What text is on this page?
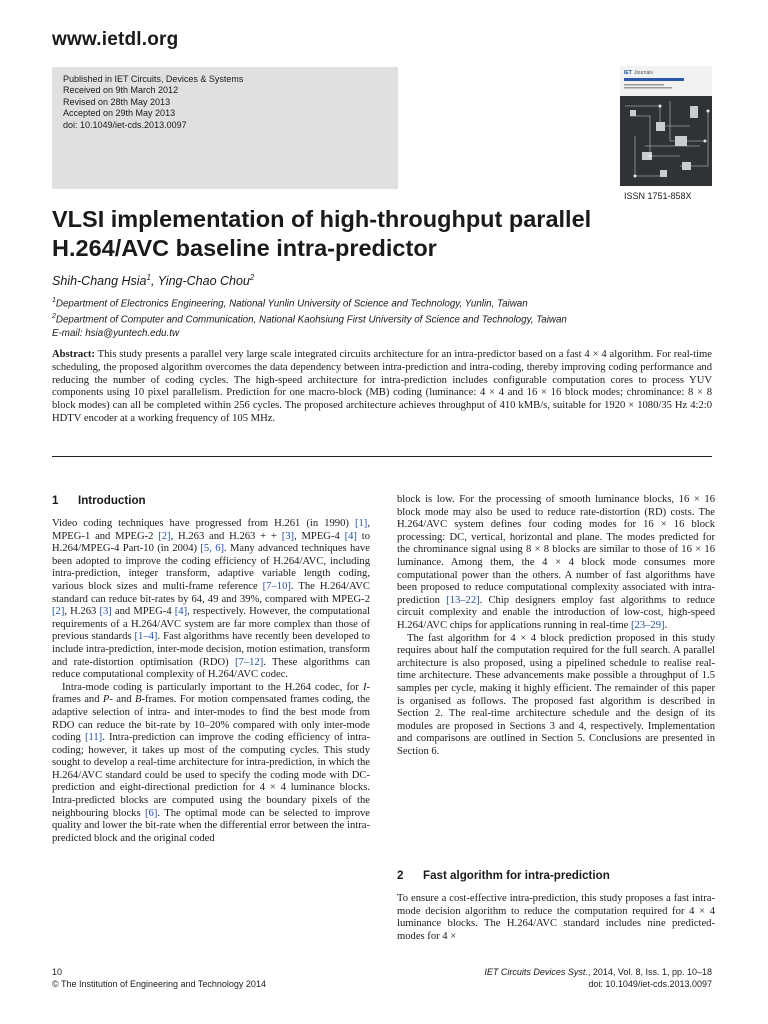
www.ietdl.org
Published in IET Circuits, Devices & Systems
Received on 9th March 2012
Revised on 28th May 2013
Accepted on 29th May 2013
doi: 10.1049/iet-cds.2013.0097
IET Journals
ISSN 1751-858X
VLSI implementation of high-throughput parallel
H.264/AVC baseline intra-predictor
Shih-Chang Hsia$^1$, Ying-Chao Chou$^2$
$^1$Department of Electronics Engineering, National Yunlin University of Science and Technology, Yunlin, Taiwan
$^2$Department of Computer and Communication, National Kaohsiung First University of Science and Technology, Taiwan
E-mail: hsia@yuntech.edu.tw

Abstract: This study presents a parallel very large scale integrated circuits architecture for an intra-predictor based on a fast 4 × 4 algorithm. For real-time scheduling, the proposed algorithm overcomes the data dependency between intra-prediction and intra-coding, thereby improving coding performance and reducing the number of coding cycles. The high-speed architecture for intra-prediction includes configurable computation cores to process YUV components using 10 pixel parallelism. Prediction for one macro-block (MB) coding (luminance: 4 × 4 and 16 × 16 block modes; chrominance: 8 × 8 block modes) can all be completed within 256 cycles. The proposed architecture achieves throughput of 410 kMB/s, suitable for 1920 × 1080/35 Hz 4:2:0 HDTV encoder at a working frequency of 105 MHz.

1 Introduction

Video coding techniques have progressed from H.261 (in 1990) [1], MPEG-1 and MPEG-2 [2], H.263 and H.263 + + [3], MPEG-4 [4] to H.264/MPEG-4 Part-10 (in 2004) [5, 6]. Many advanced techniques have been adopted to improve the coding efficiency of H.264/AVC, including intra-prediction, integer transform, adaptive variable length coding, various block sizes and multi-frame reference [7–10]. The H.264/AVC standard can reduce bit-rates by 64, 49 and 39%, compared with MPEG-2 [2], H.263 [3] and MPEG-4 [4], respectively. However, the computational requirements of a H.264/AVC system are far more complex than those of previous standards [1–4]. Fast algorithms have recently been developed to include intra-prediction, inter-mode decision, motion estimation, transform and rate-distortion optimisation (RDO) [7–12]. These algorithms can reduce computational complexity of H.264/AVC codec.

Intra-mode coding is particularly important to the H.264 codec, for I-frames and P- and B-frames. For motion compensated frames coding, the adaptive selection of intra- and inter-modes to find the best mode from RDO can reduce the bit-rate by 10–20% compared with only inter-mode coding [11]. Intra-prediction can improve the coding efficiency of intra-coding; however, it takes up most of the computing cycles. This study sought to develop a real-time architecture for intra-prediction, in which the H.264/AVC standard could be used to specify the coding mode with DC-prediction and eight-directional prediction for 4 × 4 luminance blocks. Intra-predicted blocks are computed using the boundary pixels of the neighbouring blocks [6]. The optimal mode can be selected to improve quality and lower the bit-rate when the differential error between the intra-predicted block and the original coded

block is low. For the processing of smooth luminance blocks, 16 × 16 block mode may also be used to reduce rate-distortion (RD) costs. The H.264/AVC system defines four coding modes for 16 × 16 block processing: DC, vertical, horizontal and plane. The modes predicted for the chrominance signal using 8 × 8 blocks are similar to those of 16 × 16 luminance. Among them, the 4 × 4 block mode consumes more computational power than the others. A number of fast algorithms have been proposed to reduce computational complexity associated with intra-prediction [13–22]. Chip designers employ fast algorithms to reduce circuit complexity and enable the introduction of low-cost, high-speed H.264/AVC chips for applications running in real-time [23–29].

The fast algorithm for 4 × 4 block prediction proposed in this study requires about half the computation required for the full search. A parallel architecture is also proposed, using a pipelined schedule to realise real-time architecture. These advancements make possible a throughput of 1.5 samples per cycle, making it highly efficient. The remainder of this paper is organised as follows. The proposed fast algorithm is described in Section 2. The real-time architecture schedule and the design of its modules are proposed in Sections 3 and 4, respectively. Implementation and comparisons are outlined in Section 5. Conclusions are presented in Section 6.

2 Fast algorithm for intra-prediction

To ensure a cost-effective intra-prediction, this study proposes a fast intra-mode decision algorithm to reduce the computation required for 4 × 4 luminance blocks. The H.264/AVC standard includes nine predicted-modes for 4 ×

10
© The Institution of Engineering and Technology 2014
IET Circuits Devices Syst., 2014, Vol. 8, Iss. 1, pp. 10–18
doi: 10.1049/iet-cds.2013.0097
